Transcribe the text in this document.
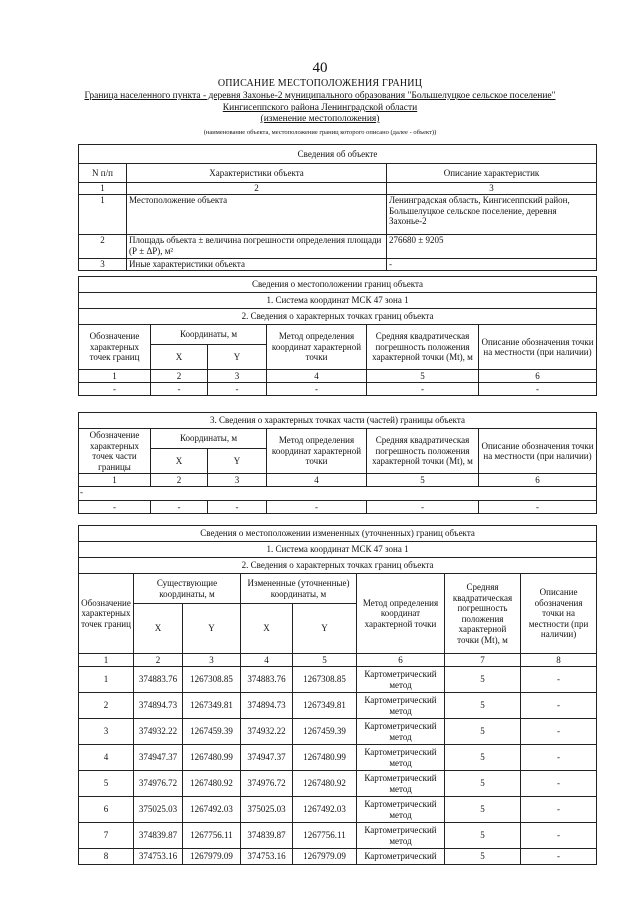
40
ОПИСАНИЕ МЕСТОПОЛОЖЕНИЯ ГРАНИЦ
Граница населенного пункта - деревня Захонье-2 муниципального образования "Большелуцкое сельское поселение"
Кингисеппского района Ленинградской области
(изменение местоположения)
(наименование объекта, местоположение границ которого описано (далее - объект))
Сведения об объекте		
N п/п	Характеристики объекта	Описание характеристик
1	2	3
1	Местоположение объекта	Ленинградская область, Кингисеппский район, Большелуцкое сельское поселение, деревня Захонье-2
2	Площадь объекта ± величина погрешности определения площади (Р ± ΔР), м²	276680 ± 9205
3	Иные характеристики объекта	-
Сведения о местоположении границ объекта					
1. Система координат МСК 47 зона 1					
2. Сведения о характерных точках границ объекта					
Обозначение характерных точек границ	Координаты, м		Метод определения координат характерной точки	Средняя квадратическая погрешность положения характерной точки (Mt), м	Описание обозначения точки на местности (при наличии)
	X	Y			
1	2	3	4	5	6
-	-	-	-	-	-

3. Сведения о характерных точках части (частей) границы объекта					
Обозначение характерных точек части границы	Координаты, м		Метод определения координат характерной точки	Средняя квадратическая погрешность положения характерной точки (Mt), м	Описание обозначения точки на местности (при наличии)
	X	Y			
1	2	3	4	5	6
-					
-	-	-	-	-	-
Сведения о местоположении измененных (уточненных) границ объекта							
1. Система координат МСК 47 зона 1							
2. Сведения о характерных точках границ объекта							
Обозначение характерных точек границ	Существующие координаты, м		Измененные (уточненные) координаты, м		Метод определения координат характерной точки	Средняя квадратическая погрешность положения характерной точки (Mt), м	Описание обозначения точки на местности (при наличии)
	X	Y	X	Y			
1	2	3	4	5	6	7	8
1	374883.76	1267308.85	374883.76	1267308.85	Картометрический метод	5	-
2	374894.73	1267349.81	374894.73	1267349.81	Картометрический метод	5	-
3	374932.22	1267459.39	374932.22	1267459.39	Картометрический метод	5	-
4	374947.37	1267480.99	374947.37	1267480.99	Картометрический метод	5	-
5	374976.72	1267480.92	374976.72	1267480.92	Картометрический метод	5	-
6	375025.03	1267492.03	375025.03	1267492.03	Картометрический метод	5	-
7	374839.87	1267756.11	374839.87	1267756.11	Картометрический метод	5	-
8	374753.16	1267979.09	374753.16	1267979.09	Картометрический	5	-
